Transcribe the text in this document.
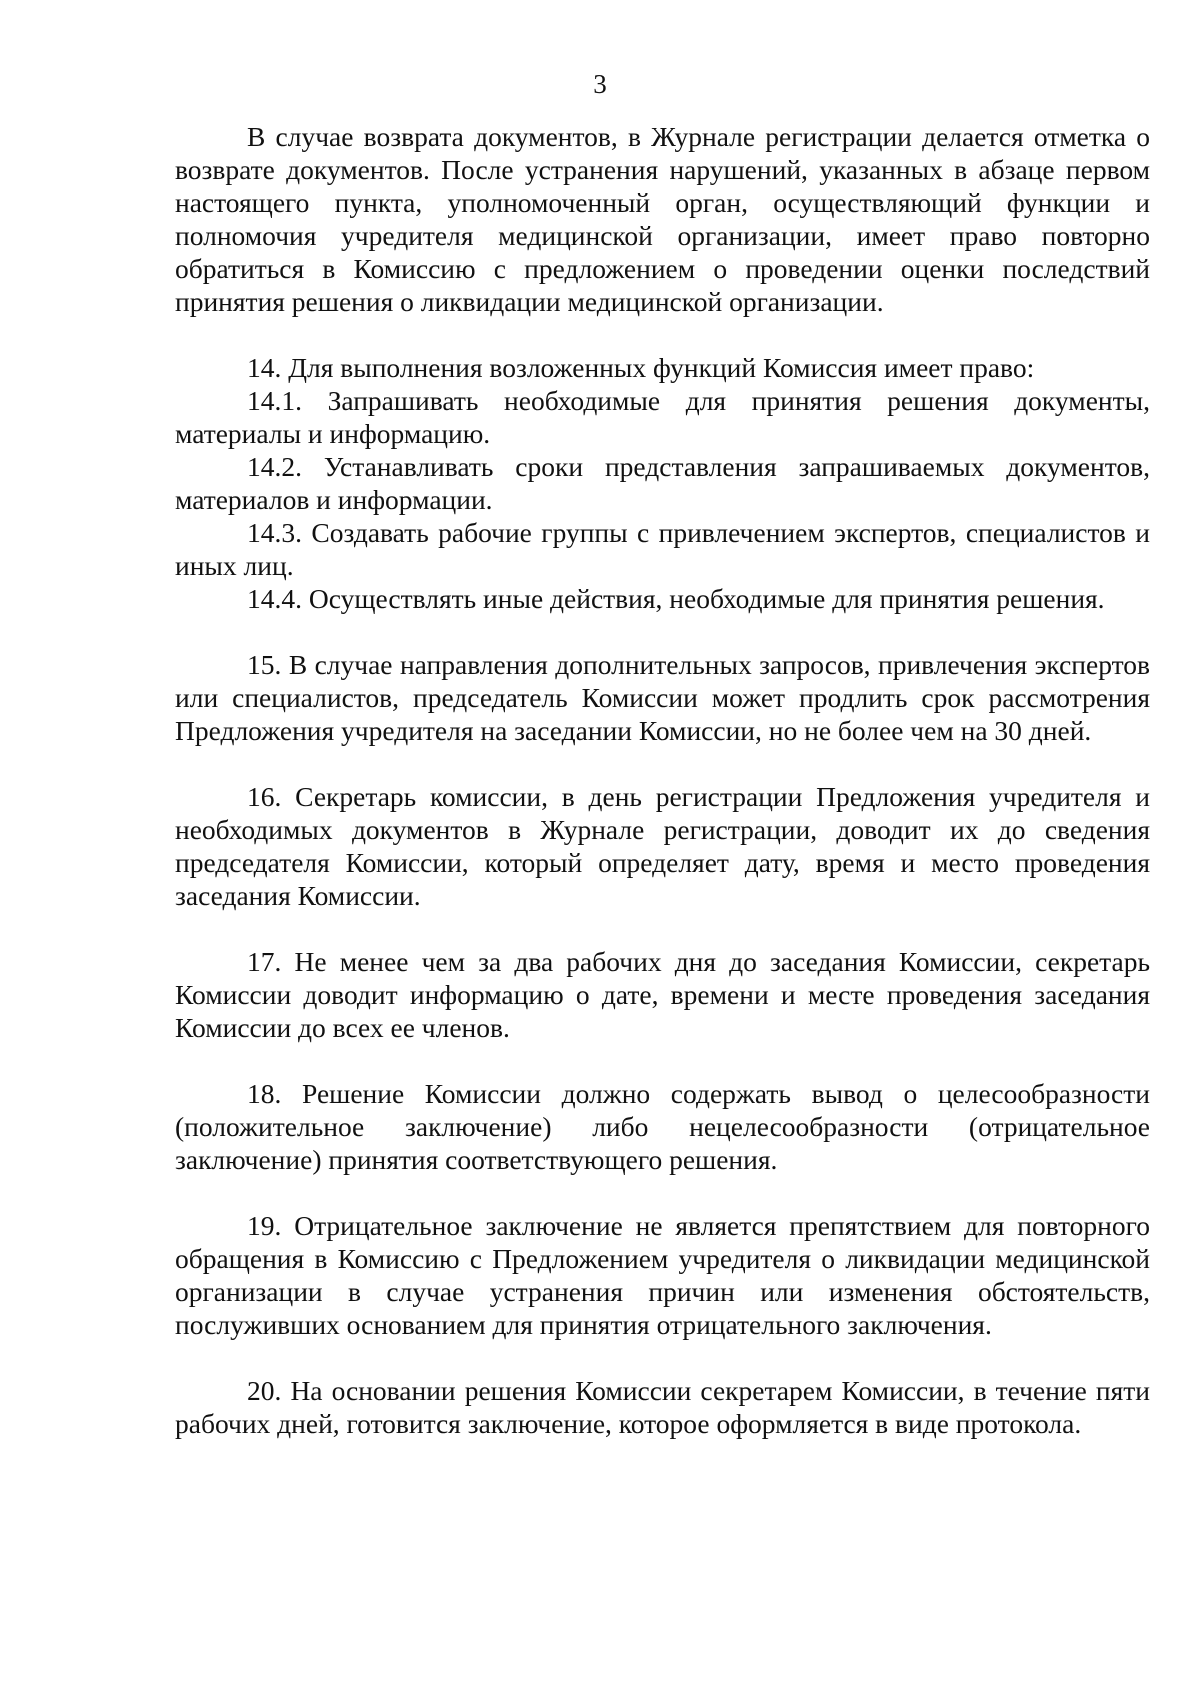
3

В случае возврата документов, в Журнале регистрации делается отметка о возврате документов. После устранения нарушений, указанных в абзаце первом настоящего пункта, уполномоченный орган, осуществляющий функции и полномочия учредителя медицинской организации, имеет право повторно обратиться в Комиссию с предложением о проведении оценки последствий принятия решения о ликвидации медицинской организации.

14. Для выполнения возложенных функций Комиссия имеет право:

14.1. Запрашивать необходимые для принятия решения документы, материалы и информацию.

14.2. Устанавливать сроки представления запрашиваемых документов, материалов и информации.

14.3. Создавать рабочие группы с привлечением экспертов, специалистов и иных лиц.

14.4. Осуществлять иные действия, необходимые для принятия решения.

15. В случае направления дополнительных запросов, привлечения экспертов или специалистов, председатель Комиссии может продлить срок рассмотрения Предложения учредителя на заседании Комиссии, но не более чем на 30 дней.

16. Секретарь комиссии, в день регистрации Предложения учредителя и необходимых документов в Журнале регистрации, доводит их до сведения председателя Комиссии, который определяет дату, время и место проведения заседания Комиссии.

17. Не менее чем за два рабочих дня до заседания Комиссии, секретарь Комиссии доводит информацию о дате, времени и месте проведения заседания Комиссии до всех ее членов.

18. Решение Комиссии должно содержать вывод о целесообразности (положительное заключение) либо нецелесообразности (отрицательное заключение) принятия соответствующего решения.

19. Отрицательное заключение не является препятствием для повторного обращения в Комиссию с Предложением учредителя о ликвидации медицинской организации в случае устранения причин или изменения обстоятельств, послуживших основанием для принятия отрицательного заключения.

20. На основании решения Комиссии секретарем Комиссии, в течение пяти рабочих дней, готовится заключение, которое оформляется в виде протокола.
